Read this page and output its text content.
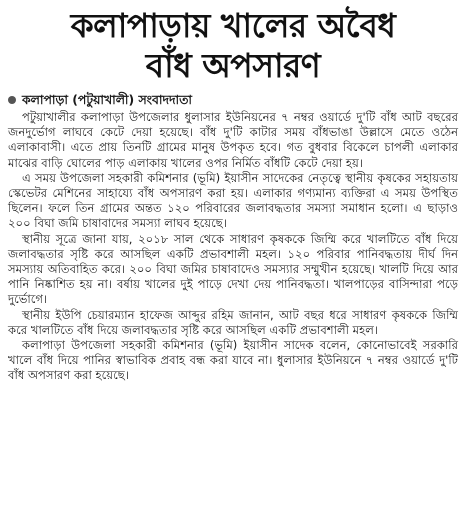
কলাপাড়ায় খালের অবৈধ
বাঁধ অপসারণ
কলাপাড়া (পটুয়াখালী) সংবাদদাতা

পটুয়াখালীর কলাপাড়া উপজেলার ধুলাসার ইউনিয়নের ৭ নম্বর ওয়ার্ডে দু'টি বাঁধ আট বছরের জনদুর্ভোগ লাঘবে কেটে দেয়া হয়েছে। বাঁধ দু'টি কাটার সময় বাঁধভাঙা উল্লাসে মেতে ওঠেন এলাকাবাসী। এতে প্রায় তিনটি গ্রামের মানুষ উপকৃত হবে। গত বুধবার বিকেলে চাপলী এলাকার মাঝের বাড়ি ঘোলের পাড় এলাকায় খালের ওপর নির্মিত বাঁধটি কেটে দেয়া হয়।

এ সময় উপজেলা সহকারী কমিশনার (ভূমি) ইয়াসীন সাদেকের নেতৃত্বে স্থানীয় কৃষকের সহায়তায় স্কেভেটর মেশিনের সাহায্যে বাঁধ অপসারণ করা হয়। এলাকার গণ্যমান্য ব্যক্তিরা এ সময় উপস্থিত ছিলেন। ফলে তিন গ্রামের অন্তত ১২০ পরিবারের জলাবদ্ধতার সমস্যা সমাধান হলো। এ ছাড়াও ২০০ বিঘা জমি চাষাবাদের সমস্যা লাঘব হয়েছে।

স্থানীয় সূত্রে জানা যায়, ২০১৮ সাল থেকে সাধারণ কৃষককে জিম্মি করে খালটিতে বাঁধ দিয়ে জলাবদ্ধতার সৃষ্টি করে আসছিল একটি প্রভাবশালী মহল। ১২০ পরিবার পানিবদ্ধতায় দীর্ঘ দিন সমস্যায় অতিবাহিত করে। ২০০ বিঘা জমির চাষাবাদেও সমস্যার সম্মুখীন হয়েছে। খালটি দিয়ে আর পানি নিষ্কাশিত হয় না। বর্ষায় খালের দুই পাড়ে দেখা দেয় পানিবদ্ধতা। খালপাড়ের বাসিন্দারা পড়ে দুর্ভোগে।

স্থানীয় ইউপি চেয়ারম্যান হাফেজ আব্দুর রহিম জানান, আট বছর ধরে সাধারণ কৃষককে জিম্মি করে খালটিতে বাঁধ দিয়ে জলাবদ্ধতার সৃষ্টি করে আসছিল একটি প্রভাবশালী মহল।

কলাপাড়া উপজেলা সহকারী কমিশনার (ভূমি) ইয়াসীন সাদেক বলেন, কোনোভাবেই সরকারি খালে বাঁধ দিয়ে পানির স্বাভাবিক প্রবাহ বন্ধ করা যাবে না। ধুলাসার ইউনিয়নে ৭ নম্বর ওয়ার্ডে দু'টি বাঁধ অপসারণ করা হয়েছে।
